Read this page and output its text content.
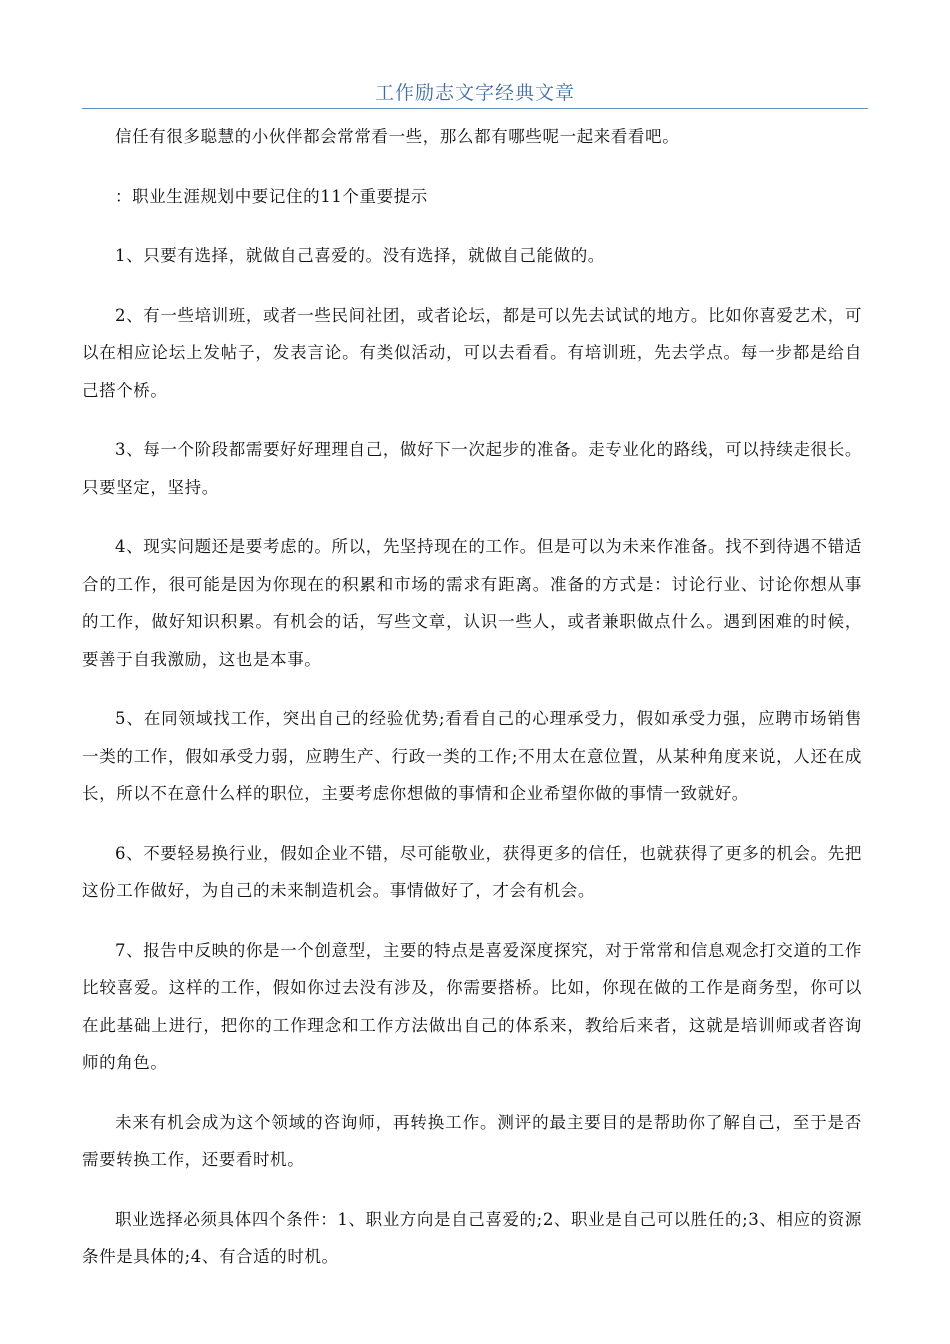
工作励志文字经典文章

信任有很多聪慧的小伙伴都会常常看一些，那么都有哪些呢一起来看看吧。

：职业生涯规划中要记住的11个重要提示

1、只要有选择，就做自己喜爱的。没有选择，就做自己能做的。

2、有一些培训班，或者一些民间社团，或者论坛，都是可以先去试试的地方。比如你喜爱艺术，可以在相应论坛上发帖子，发表言论。有类似活动，可以去看看。有培训班，先去学点。每一步都是给自己搭个桥。

3、每一个阶段都需要好好理理自己，做好下一次起步的准备。走专业化的路线，可以持续走很长。只要坚定，坚持。

4、现实问题还是要考虑的。所以，先坚持现在的工作。但是可以为未来作准备。找不到待遇不错适合的工作，很可能是因为你现在的积累和市场的需求有距离。准备的方式是：讨论行业、讨论你想从事的工作，做好知识积累。有机会的话，写些文章，认识一些人，或者兼职做点什么。遇到困难的时候，要善于自我激励，这也是本事。

5、在同领域找工作，突出自己的经验优势;看看自己的心理承受力，假如承受力强，应聘市场销售一类的工作，假如承受力弱，应聘生产、行政一类的工作;不用太在意位置，从某种角度来说，人还在成长，所以不在意什么样的职位，主要考虑你想做的事情和企业希望你做的事情一致就好。

6、不要轻易换行业，假如企业不错，尽可能敬业，获得更多的信任，也就获得了更多的机会。先把这份工作做好，为自己的未来制造机会。事情做好了，才会有机会。

7、报告中反映的你是一个创意型，主要的特点是喜爱深度探究，对于常常和信息观念打交道的工作比较喜爱。这样的工作，假如你过去没有涉及，你需要搭桥。比如，你现在做的工作是商务型，你可以在此基础上进行，把你的工作理念和工作方法做出自己的体系来，教给后来者，这就是培训师或者咨询师的角色。

未来有机会成为这个领域的咨询师，再转换工作。测评的最主要目的是帮助你了解自己，至于是否需要转换工作，还要看时机。

职业选择必须具体四个条件：1、职业方向是自己喜爱的;2、职业是自己可以胜任的;3、相应的资源条件是具体的;4、有合适的时机。
